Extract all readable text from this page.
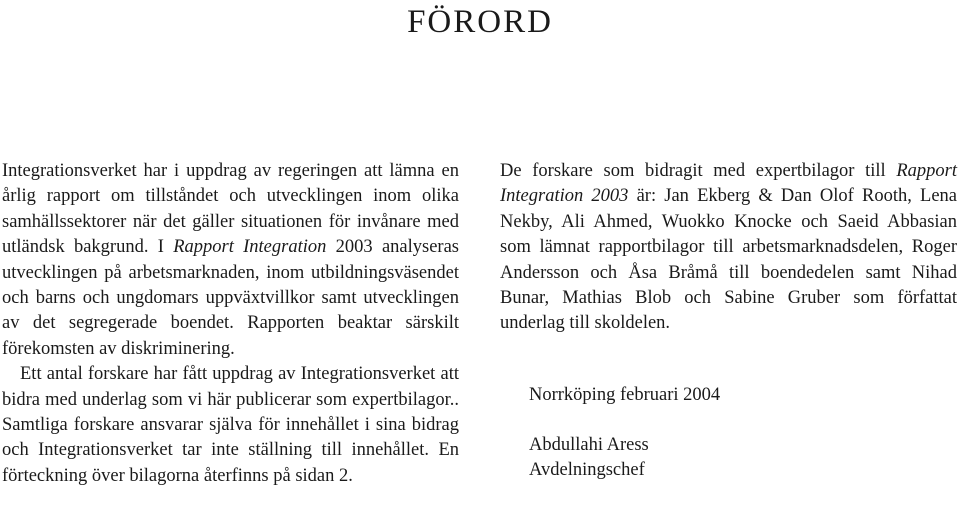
FÖRORD

Integrationsverket har i uppdrag av regeringen att lämna en årlig rapport om tillståndet och utvecklingen inom olika samhällssektorer när det gäller situationen för invånare med utländsk bakgrund. I Rapport Integration 2003 analyseras utvecklingen på arbetsmarknaden, inom utbildningsväsendet och barns och ungdomars uppväxtvillkor samt utvecklingen av det segregerade boendet. Rapporten beaktar särskilt förekomsten av diskriminering.

Ett antal forskare har fått uppdrag av Integrationsverket att bidra med underlag som vi här publicerar som expertbilagor.. Samtliga forskare ansvarar själva för innehållet i sina bidrag och Integrationsverket tar inte ställning till innehållet. En förteckning över bilagorna återfinns på sidan 2.

De forskare som bidragit med expertbilagor till Rapport Integration 2003 är: Jan Ekberg & Dan Olof Rooth, Lena Nekby, Ali Ahmed, Wuokko Knocke och Saeid Abbasian som lämnat rapportbilagor till arbetsmarknadsdelen, Roger Andersson och Åsa Bråmå till boendedelen samt Nihad Bunar, Mathias Blob och Sabine Gruber som författat underlag till skoldelen.

Norrköping februari 2004
Abdullahi Aress
Avdelningschef
